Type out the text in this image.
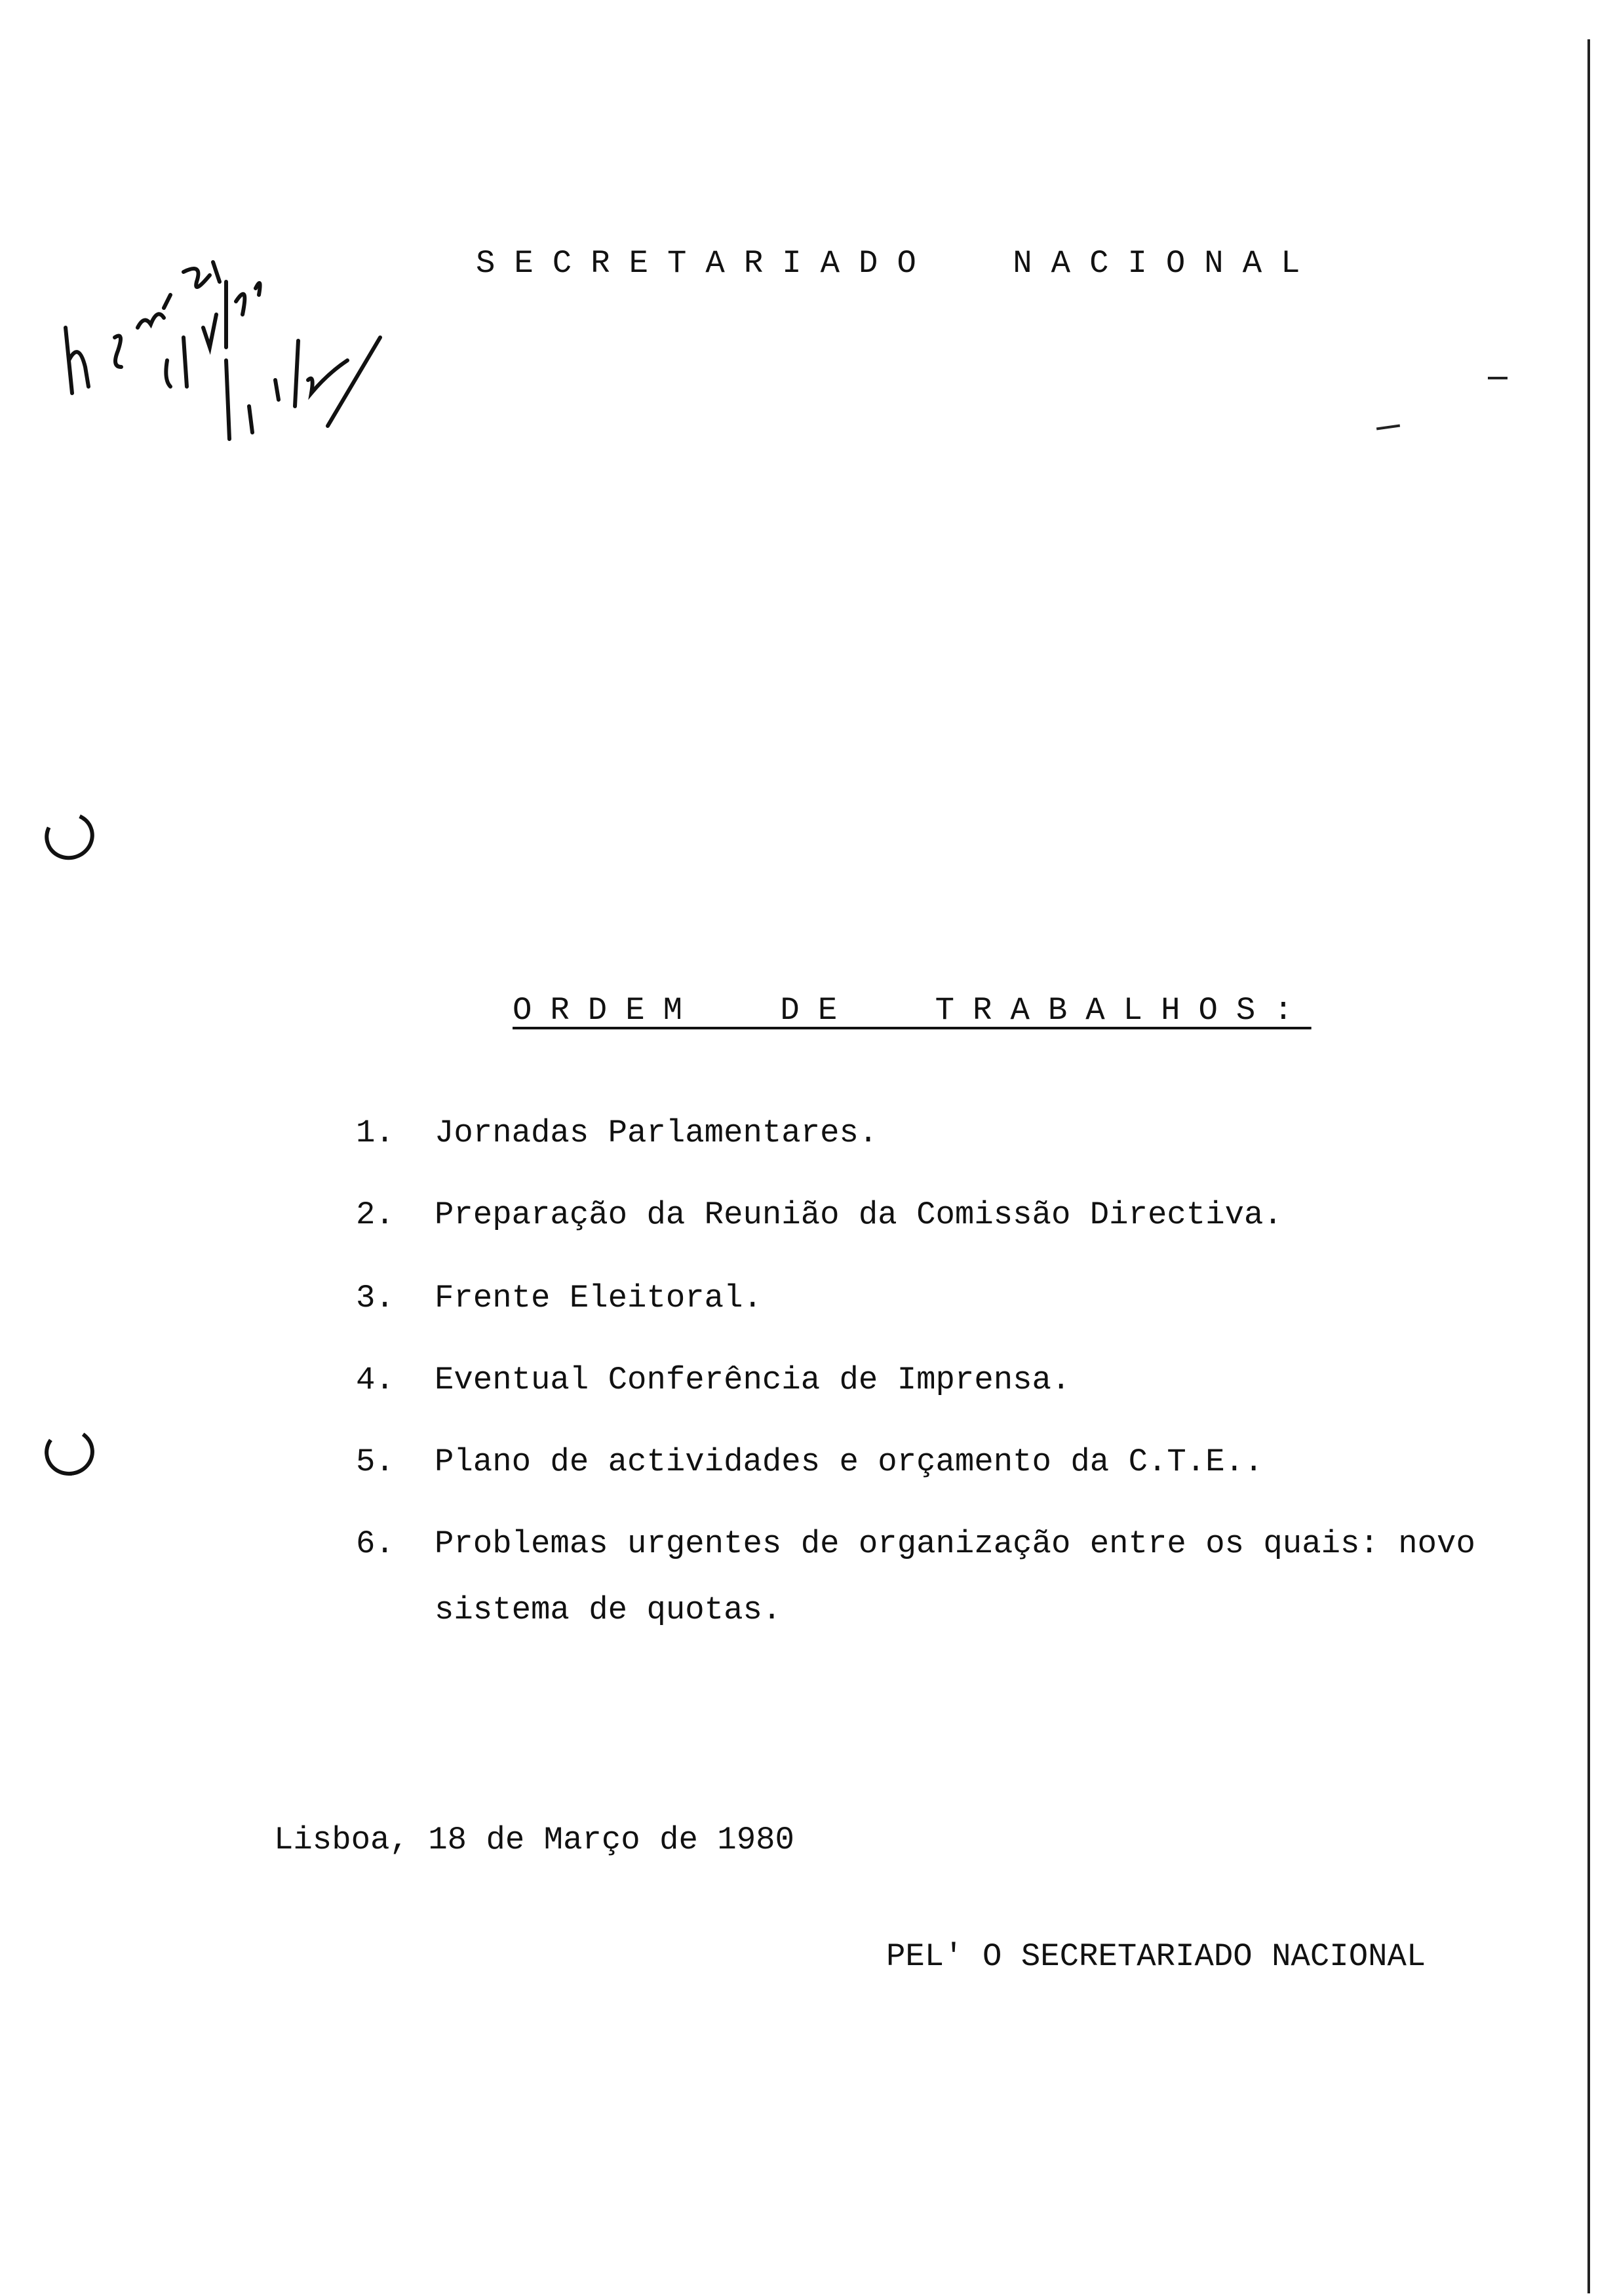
SECRETARIADO NACIONAL
ORDEM DE TRABALHOS:
1. Jornadas Parlamentares.
2. Preparação da Reunião da Comissão Directiva.
3. Frente Eleitoral.
4. Eventual Conferência de Imprensa.
5. Plano de actividades e orçamento da C.T.E..
6. Problemas urgentes de organização entre os quais: novo
sistema de quotas.
Lisboa, 18 de Março de 1980
PEL' O SECRETARIADO NACIONAL
